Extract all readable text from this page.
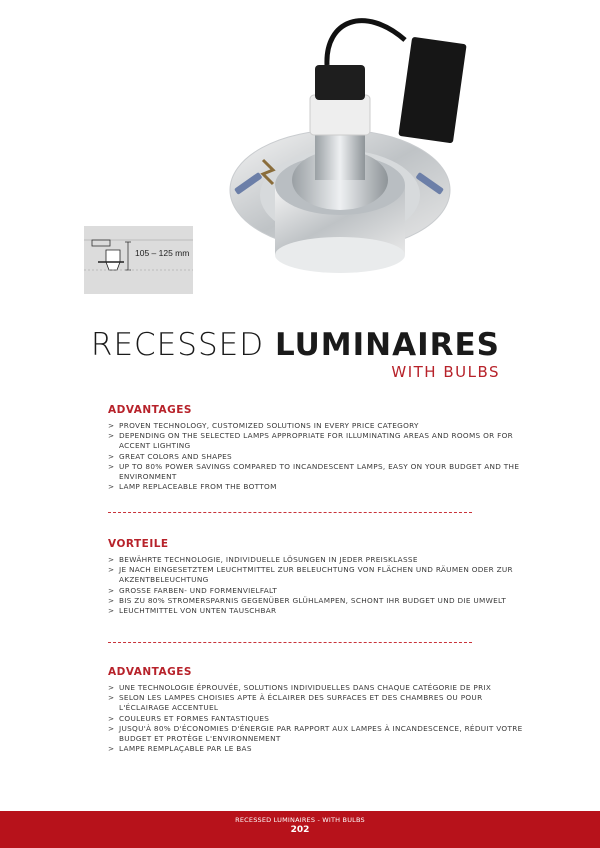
105 – 125 mm
RECESSED LUMINAIRES
WITH BULBS
ADVANTAGES
> PROVEN TECHNOLOGY, CUSTOMIZED SOLUTIONS IN EVERY PRICE CATEGORY
> DEPENDING ON THE SELECTED LAMPS APPROPRIATE FOR ILLUMINATING AREAS AND ROOMS OR FOR ACCENT LIGHTING
> GREAT COLORS AND SHAPES
> UP TO 80% POWER SAVINGS COMPARED TO INCANDESCENT LAMPS, EASY ON YOUR BUDGET AND THE ENVIRONMENT
> LAMP REPLACEABLE FROM THE BOTTOM
VORTEILE
> BEWÄHRTE TECHNOLOGIE, INDIVIDUELLE LÖSUNGEN IN JEDER PREISKLASSE
> JE NACH EINGESETZTEM LEUCHTMITTEL ZUR BELEUCHTUNG VON FLÄCHEN UND RÄUMEN ODER ZUR AKZENTBELEUCHTUNG
> GROSSE FARBEN- UND FORMENVIELFALT
> BIS ZU 80% STROMERSPARNIS GEGENÜBER GLÜHLAMPEN, SCHONT IHR BUDGET UND DIE UMWELT
> LEUCHTMITTEL VON UNTEN TAUSCHBAR
ADVANTAGES
> UNE TECHNOLOGIE ÉPROUVÉE, SOLUTIONS INDIVIDUELLES DANS CHAQUE CATÉGORIE DE PRIX
> SELON LES LAMPES CHOISIES APTE À ÉCLAIRER DES SURFACES ET DES CHAMBRES OU POUR L'ÉCLAIRAGE ACCENTUEL
> COULEURS ET FORMES FANTASTIQUES
> JUSQU'À 80% D'ÉCONOMIES D'ÉNERGIE PAR RAPPORT AUX LAMPES À INCANDESCENCE, RÉDUIT VOTRE BUDGET ET PROTÈGE L'ENVIRONNEMENT
> LAMPE REMPLAÇABLE PAR LE BAS
RECESSED LUMINAIRES - WITH BULBS
202
